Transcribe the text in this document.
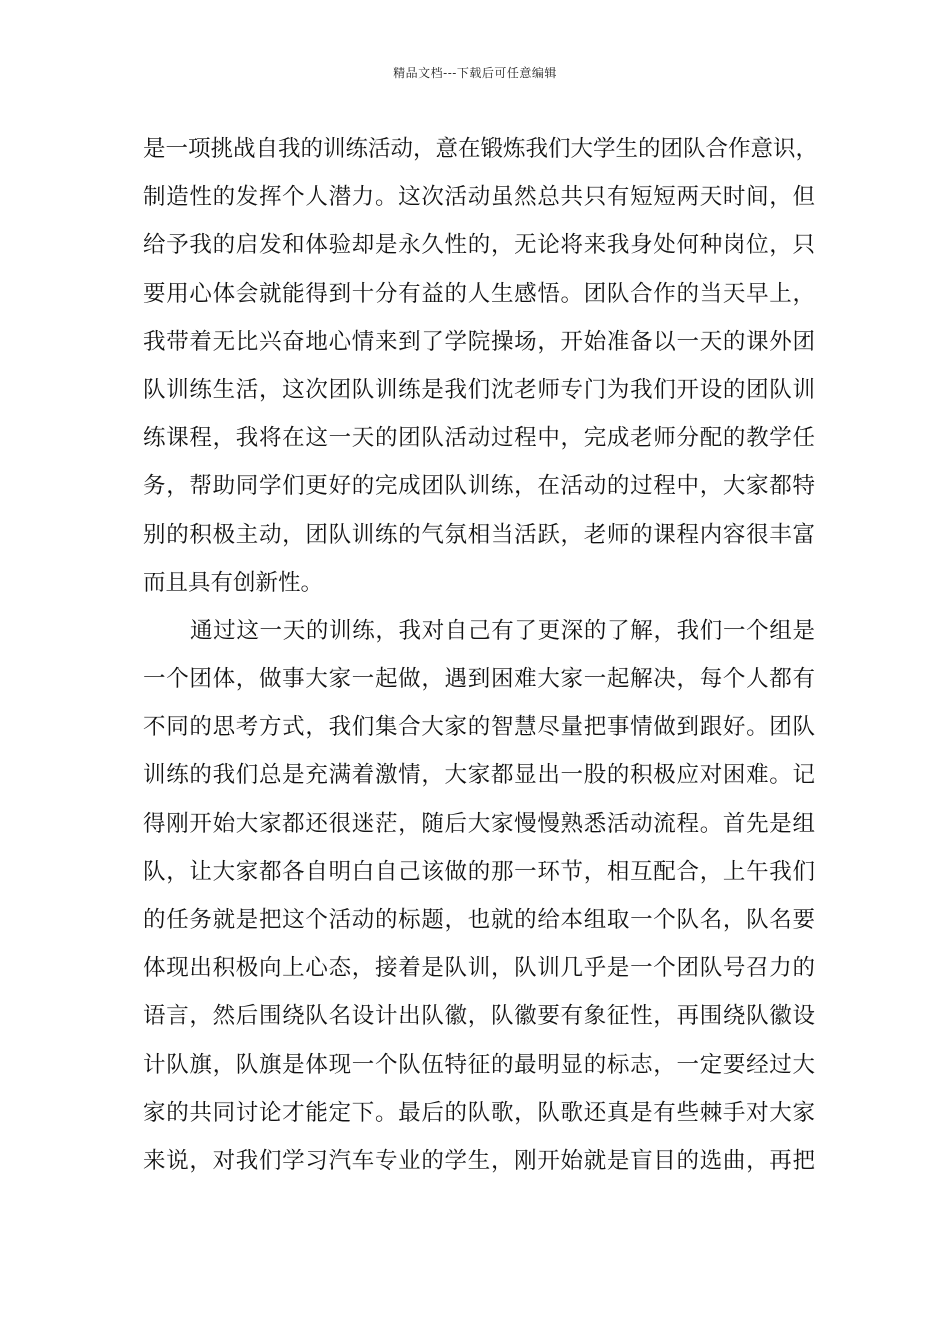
精品文档---下载后可任意编辑
是一项挑战自我的训练活动，意在锻炼我们大学生的团队合作意识，
制造性的发挥个人潜力。这次活动虽然总共只有短短两天时间，但
给予我的启发和体验却是永久性的，无论将来我身处何种岗位，只
要用心体会就能得到十分有益的人生感悟。团队合作的当天早上，
我带着无比兴奋地心情来到了学院操场，开始准备以一天的课外团
队训练生活，这次团队训练是我们沈老师专门为我们开设的团队训
练课程，我将在这一天的团队活动过程中，完成老师分配的教学任
务，帮助同学们更好的完成团队训练，在活动的过程中，大家都特
别的积极主动，团队训练的气氛相当活跃，老师的课程内容很丰富
而且具有创新性。
通过这一天的训练，我对自己有了更深的了解，我们一个组是
一个团体，做事大家一起做，遇到困难大家一起解决，每个人都有
不同的思考方式，我们集合大家的智慧尽量把事情做到跟好。团队
训练的我们总是充满着激情，大家都显出一股的积极应对困难。记
得刚开始大家都还很迷茫，随后大家慢慢熟悉活动流程。首先是组
队，让大家都各自明白自己该做的那一环节，相互配合，上午我们
的任务就是把这个活动的标题，也就的给本组取一个队名，队名要
体现出积极向上心态，接着是队训，队训几乎是一个团队号召力的
语言，然后围绕队名设计出队徽，队徽要有象征性，再围绕队徽设
计队旗，队旗是体现一个队伍特征的最明显的标志，一定要经过大
家的共同讨论才能定下。最后的队歌，队歌还真是有些棘手对大家
来说，对我们学习汽车专业的学生，刚开始就是盲目的选曲，再把
